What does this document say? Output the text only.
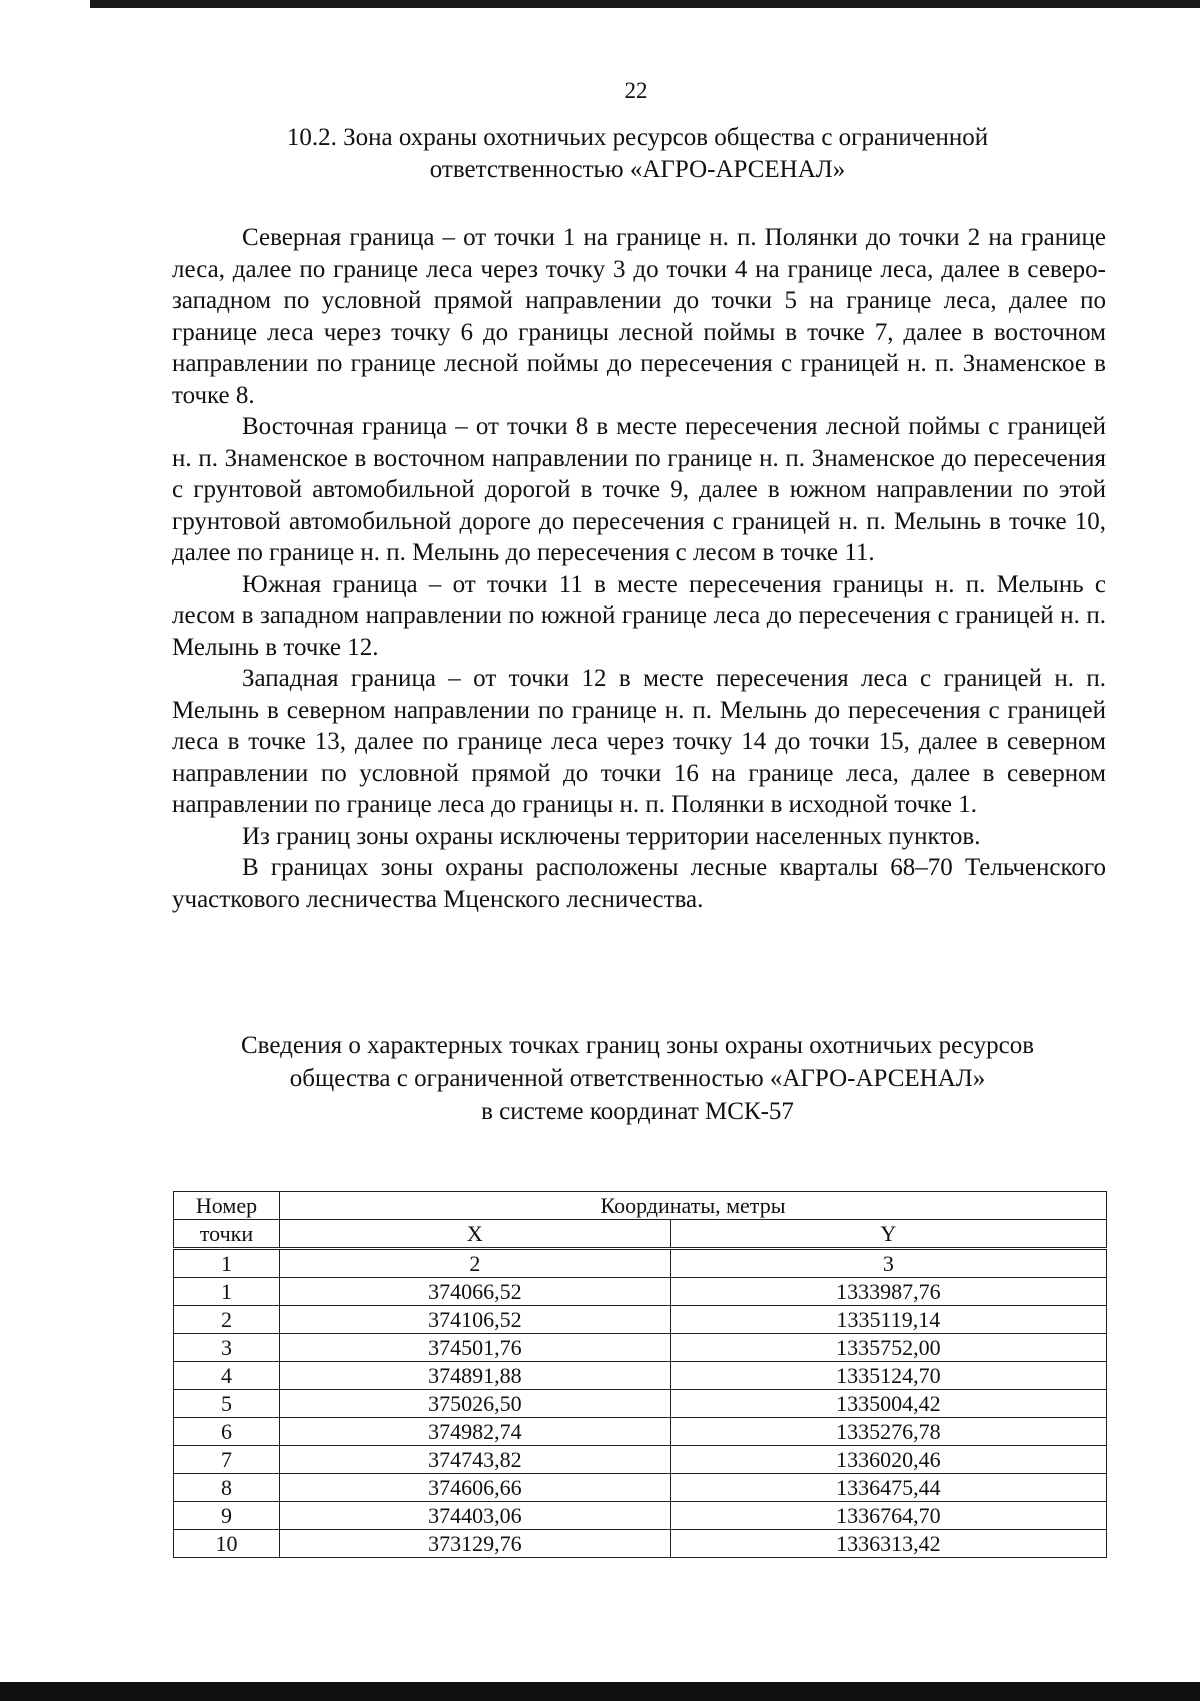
22
10.2. Зона охраны охотничьих ресурсов общества с ограниченной
ответственностью «АГРО-АРСЕНАЛ»

Северная граница – от точки 1 на границе н. п. Полянки до точки 2 на границе леса, далее по границе леса через точку 3 до точки 4 на границе леса, далее в северо-западном по условной прямой направлении до точки 5 на границе леса, далее по границе леса через точку 6 до границы лесной поймы в точке 7, далее в восточном направлении по границе лесной поймы до пересечения с границей н. п. Знаменское в точке 8.

Восточная граница – от точки 8 в месте пересечения лесной поймы с границей н. п. Знаменское в восточном направлении по границе н. п. Знаменское до пересечения с грунтовой автомобильной дорогой в точке 9, далее в южном направлении по этой грунтовой автомобильной дороге до пересечения с границей н. п. Мелынь в точке 10, далее по границе н. п. Мелынь до пересечения с лесом в точке 11.

Южная граница – от точки 11 в месте пересечения границы н. п. Мелынь с лесом в западном направлении по южной границе леса до пересечения с границей н. п. Мелынь в точке 12.

Западная граница – от точки 12 в месте пересечения леса с границей н. п. Мелынь в северном направлении по границе н. п. Мелынь до пересечения с границей леса в точке 13, далее по границе леса через точку 14 до точки 15, далее в северном направлении по условной прямой до точки 16 на границе леса, далее в северном направлении по границе леса до границы н. п. Полянки в исходной точке 1.

Из границ зоны охраны исключены территории населенных пунктов.

В границах зоны охраны расположены лесные кварталы 68–70 Тельченского участкового лесничества Мценского лесничества.

Сведения о характерных точках границ зоны охраны охотничьих ресурсов
общества с ограниченной ответственностью «АГРО-АРСЕНАЛ»
в системе координат МСК-57
Номер	Координаты, метры	
точки	X	Y
1	2	3
1	374066,52	1333987,76
2	374106,52	1335119,14
3	374501,76	1335752,00
4	374891,88	1335124,70
5	375026,50	1335004,42
6	374982,74	1335276,78
7	374743,82	1336020,46
8	374606,66	1336475,44
9	374403,06	1336764,70
10	373129,76	1336313,42
